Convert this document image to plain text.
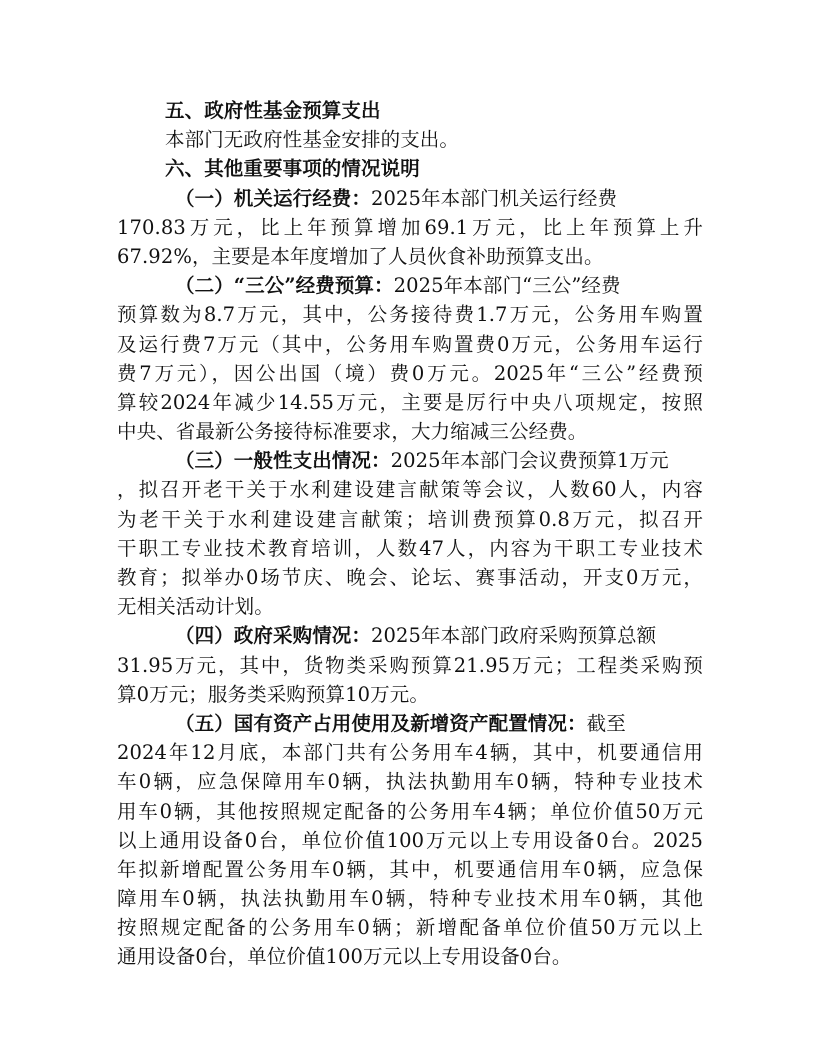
五、政府性基金预算支出
本部门无政府性基金安排的支出。
六、其他重要事项的情况说明
（一）机关运行经费：2025年本部门机关运行经费
170.83万元，比上年预算增加69.1万元，比上年预算上升
67.92%，主要是本年度增加了人员伙食补助预算支出。
（二）“三公”经费预算：2025年本部门“三公”经费
预算数为8.7万元，其中，公务接待费1.7万元，公务用车购置
及运行费7万元（其中，公务用车购置费0万元，公务用车运行
费7万元），因公出国（境）费0万元。2025年“三公”经费预
算较2024年减少14.55万元，主要是厉行中央八项规定，按照
中央、省最新公务接待标准要求，大力缩减三公经费。
（三）一般性支出情况：2025年本部门会议费预算1万元
，拟召开老干关于水利建设建言献策等会议，人数60人，内容
为老干关于水利建设建言献策；培训费预算0.8万元，拟召开
干职工专业技术教育培训，人数47人，内容为干职工专业技术
教育；拟举办0场节庆、晚会、论坛、赛事活动，开支0万元，
无相关活动计划。
（四）政府采购情况：2025年本部门政府采购预算总额
31.95万元，其中，货物类采购预算21.95万元；工程类采购预
算0万元；服务类采购预算10万元。
（五）国有资产占用使用及新增资产配置情况：截至
2024年12月底，本部门共有公务用车4辆，其中，机要通信用
车0辆，应急保障用车0辆，执法执勤用车0辆，特种专业技术
用车0辆，其他按照规定配备的公务用车4辆；单位价值50万元
以上通用设备0台，单位价值100万元以上专用设备0台。2025
年拟新增配置公务用车0辆，其中，机要通信用车0辆，应急保
障用车0辆，执法执勤用车0辆，特种专业技术用车0辆，其他
按照规定配备的公务用车0辆；新增配备单位价值50万元以上
通用设备0台，单位价值100万元以上专用设备0台。
